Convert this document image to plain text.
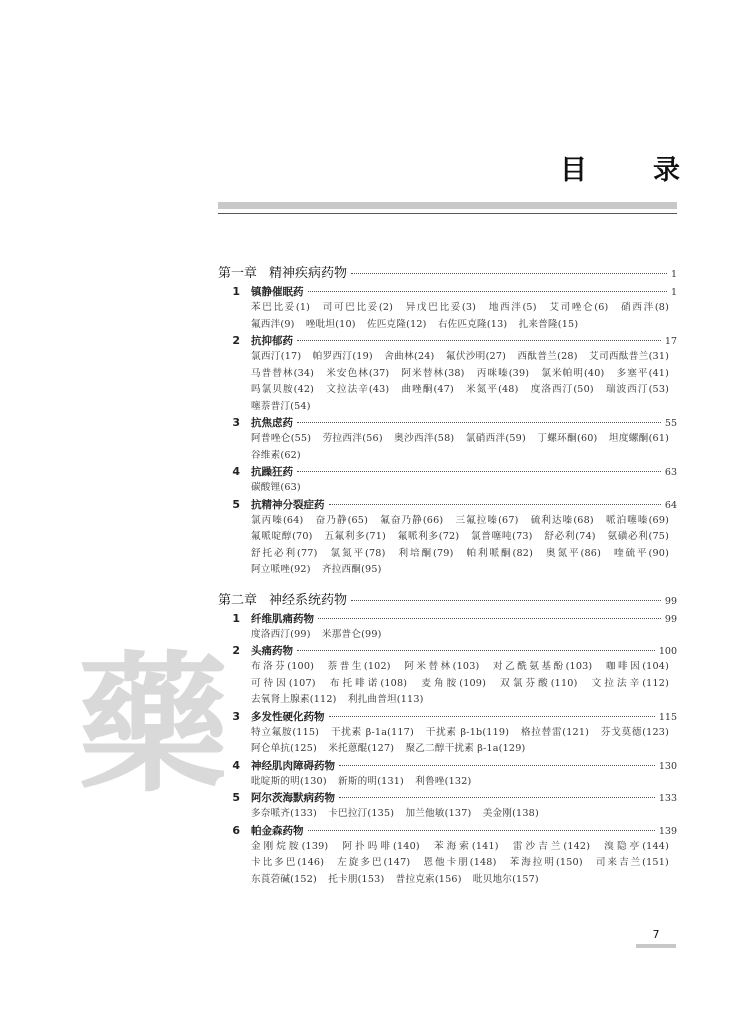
目 录
藥
第一章 精神疾病药物	1
1 镇静催眠药	1
苯巴比妥(1) 司可巴比妥(2) 异戊巴比妥(3) 地西泮(5) 艾司唑仑(6) 硝西泮(8) 氟西泮(9) 唑吡坦(10) 佐匹克隆(12) 右佐匹克隆(13) 扎来普隆(15)
2 抗抑郁药	17
氯西汀(17) 帕罗西汀(19) 舍曲林(24) 氟伏沙明(27) 西酞普兰(28) 艾司西酞普兰(31) 马普替林(34) 米安色林(37) 阿米替林(38) 丙咪嗪(39) 氯米帕明(40) 多塞平(41) 吗氯贝胺(42) 文拉法辛(43) 曲唑酮(47) 米氮平(48) 度洛西汀(50) 瑞波西汀(53) 噻萘普汀(54)
3 抗焦虑药	55
阿普唑仑(55) 劳拉西泮(56) 奥沙西泮(58) 氯硝西泮(59) 丁螺环酮(60) 坦度螺酮(61) 谷维素(62)
4 抗躁狂药	63
碳酸锂(63)
5 抗精神分裂症药	64
氯丙嗪(64) 奋乃静(65) 氟奋乃静(66) 三氟拉嗪(67) 硫利达嗪(68) 哌泊噻嗪(69) 氟哌啶醇(70) 五氟利多(71) 氟哌利多(72) 氯普噻吨(73) 舒必利(74) 氨磺必利(75) 舒托必利(77) 氯氮平(78) 利培酮(79) 帕利哌酮(82) 奥氮平(86) 喹硫平(90) 阿立哌唑(92) 齐拉西酮(95)
第二章 神经系统药物	99
1 纤维肌痛药物	99
度洛西汀(99) 米那普仑(99)
2 头痛药物	100
布洛芬(100) 萘普生(102) 阿米替林(103) 对乙酰氨基酚(103) 咖啡因(104) 可待因(107) 布托啡诺(108) 麦角胺(109) 双氯芬酸(110) 文拉法辛(112) 去氧肾上腺素(112) 利扎曲普坦(113)
3 多发性硬化药物	115
特立氟胺(115) 干扰素 β-1a(117) 干扰素 β-1b(119) 格拉替雷(121) 芬戈莫德(123) 阿仑单抗(125) 米托蒽醌(127) 聚乙二醇干扰素 β-1a(129)
4 神经肌肉障碍药物	130
吡啶斯的明(130) 新斯的明(131) 利鲁唑(132)
5 阿尔茨海默病药物	133
多奈哌齐(133) 卡巴拉汀(135) 加兰他敏(137) 美金刚(138)
6 帕金森药物	139
金刚烷胺(139) 阿扑吗啡(140) 苯海索(141) 雷沙吉兰(142) 溴隐亭(144) 卡比多巴(146) 左旋多巴(147) 恩他卡朋(148) 苯海拉明(150) 司来吉兰(151) 东莨菪碱(152) 托卡朋(153) 普拉克索(156) 吡贝地尔(157)
7
